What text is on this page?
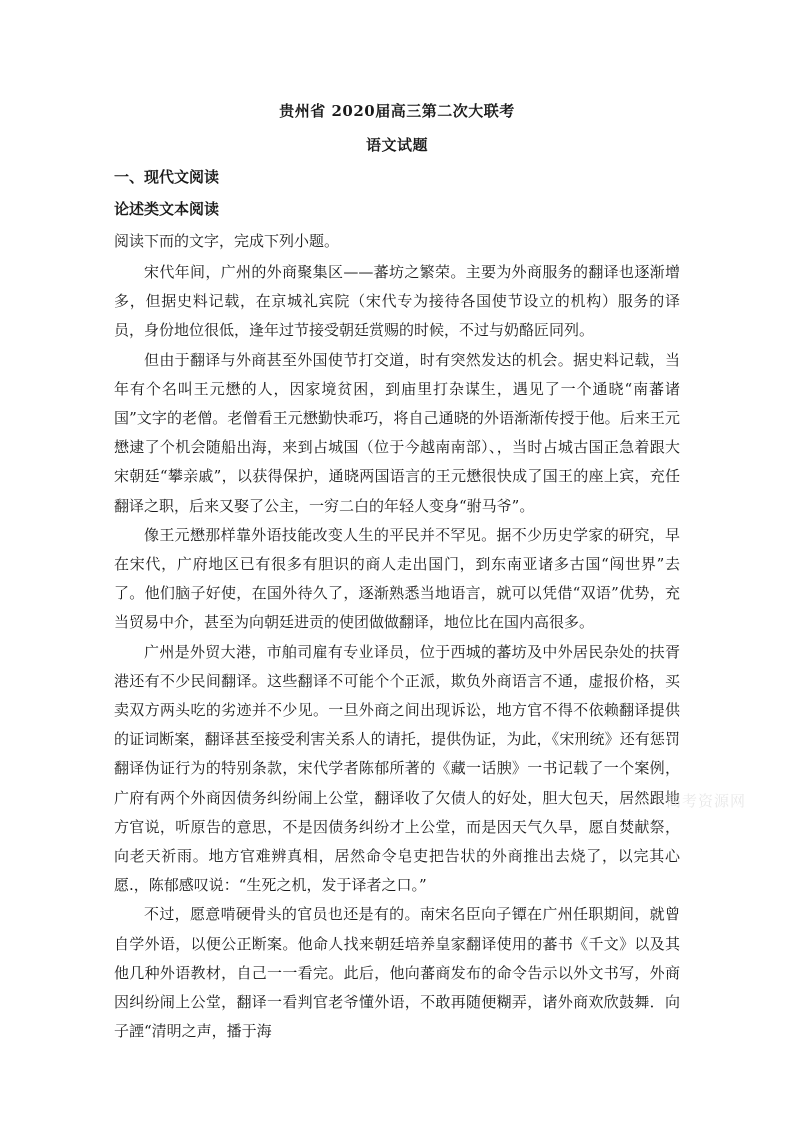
贵州省 2020届高三第二次大联考
语文试题
一、现代文阅读
论述类文本阅读
阅读下而的文字，完成下列小题。

宋代年间，广州的外商聚集区——蕃坊之繁荣。主要为外商服务的翻译也逐渐增多，但据史料记载，在京城礼宾院（宋代专为接待各国使节设立的机构）服务的译员，身份地位很低，逢年过节接受朝廷赏赐的时候，不过与奶酪匠同列。

但由于翻译与外商甚至外国使节打交道，时有突然发达的机会。据史料记载，当年有个名叫王元懋的人，因家境贫困，到庙里打杂谋生，遇见了一个通晓“南蕃诸国”文字的老僧。老僧看王元懋勤快乖巧，将自己通晓的外语渐渐传授于他。后来王元懋逮了个机会随船出海，来到占城国（位于今越南南部）、，当时占城古国正急着跟大宋朝廷“攀亲戚”，以获得保护，通晓两国语言的王元懋很快成了国王的座上宾，充任翻译之职，后来又娶了公主，一穷二白的年轻人变身“驸马爷”。

像王元懋那样靠外语技能改变人生的平民并不罕见。据不少历史学家的研究，早在宋代，广府地区已有很多有胆识的商人走出国门，到东南亚诸多古国“闯世界”去了。他们脑子好使，在国外待久了，逐渐熟悉当地语言，就可以凭借“双语”优势，充当贸易中介，甚至为向朝廷进贡的使团做做翻译，地位比在国内高很多。

广州是外贸大港，市舶司雇有专业译员，位于西城的蕃坊及中外居民杂处的扶胥港还有不少民间翻译。这些翻译不可能个个正派，欺负外商语言不通，虚报价格，买卖双方两头吃的劣迹并不少见。一旦外商之间出现诉讼，地方官不得不依赖翻译提供的证词断案，翻译甚至接受利害关系人的请托，提供伪证，为此，《宋刑统》还有惩罚翻译伪证行为的特别条款，宋代学者陈郁所著的《藏一话腴》一书记载了一个案例，广府有两个外商因债务纠纷闹上公堂，翻译收了欠债人的好处，胆大包天，居然跟地方官说，听原告的意思，不是因债务纠纷才上公堂，而是因天气久旱，愿自焚献祭，向老天祈雨。地方官难辨真相，居然命令皂吏把告状的外商推出去烧了，以完其心愿.，陈郁感叹说：“生死之机，发于译者之口。”

不过，愿意啃硬骨头的官员也还是有的。南宋名臣向子镡在广州任职期间，就曾自学外语，以便公正断案。他命人找来朝廷培养皇家翻译使用的蕃书《千文》以及其他几种外语教材，自己一一看完。此后，他向蕃商发布的命令告示以外文书写，外商因纠纷闹上公堂，翻译一看判官老爷懂外语，不敢再随便糊弄，诸外商欢欣鼓舞．向子諲“清明之声，播于海

高考资源网
